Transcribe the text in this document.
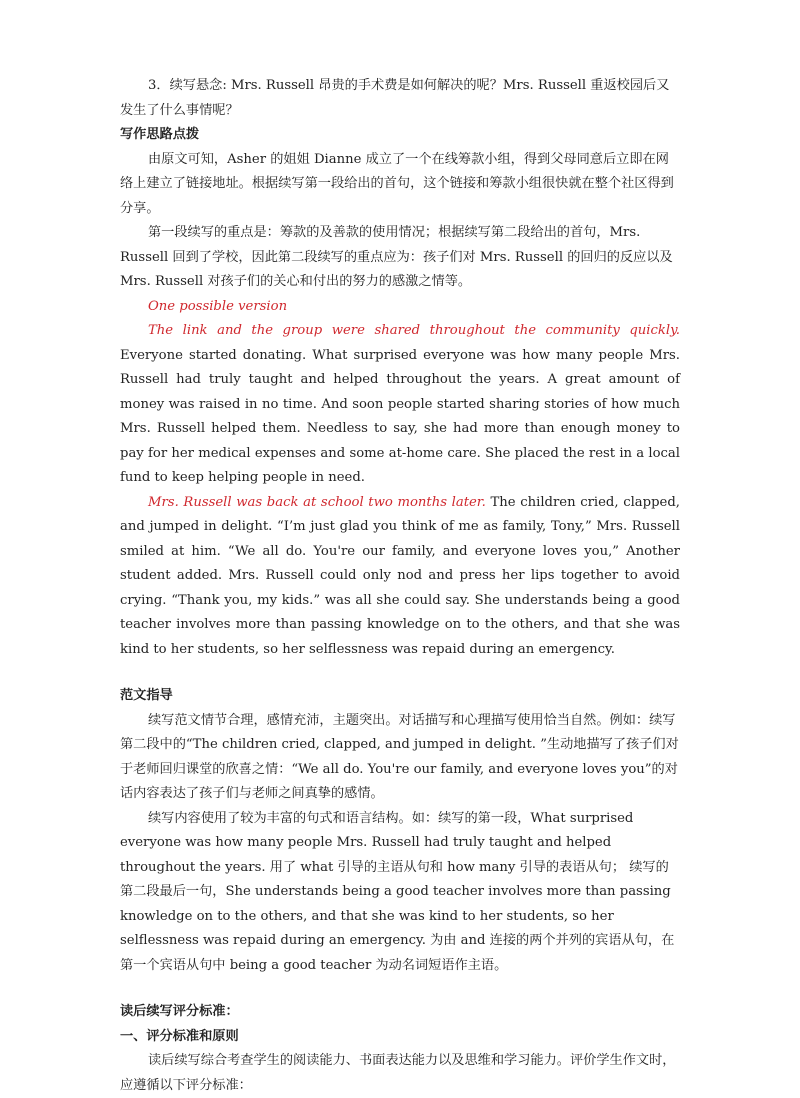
3．续写悬念: Mrs. Russell 昂贵的手术费是如何解决的呢？Mrs. Russell 重返校园后又发生了什么事情呢？

写作思路点拨

由原文可知，Asher 的姐姐 Dianne 成立了一个在线筹款小组，得到父母同意后立即在网络上建立了链接地址。根据续写第一段给出的首句，这个链接和筹款小组很快就在整个社区得到分享。

第一段续写的重点是：筹款的及善款的使用情况；根据续写第二段给出的首句，Mrs. Russell 回到了学校，因此第二段续写的重点应为：孩子们对 Mrs. Russell 的回归的反应以及 Mrs. Russell 对孩子们的关心和付出的努力的感激之情等。

One possible version

The link and the group were shared throughout the community quickly. Everyone started donating. What surprised everyone was how many people Mrs. Russell had truly taught and helped throughout the years. A great amount of money was raised in no time. And soon people started sharing stories of how much Mrs. Russell helped them. Needless to say, she had more than enough money to pay for her medical expenses and some at-home care. She placed the rest in a local fund to keep helping people in need.

Mrs. Russell was back at school two months later. The children cried, clapped, and jumped in delight. “I’m just glad you think of me as family, Tony,” Mrs. Russell smiled at him. “We all do. You're our family, and everyone loves you,” Another student added. Mrs. Russell could only nod and press her lips together to avoid crying. “Thank you, my kids.” was all she could say. She understands being a good teacher involves more than passing knowledge on to the others, and that she was kind to her students, so her selflessness was repaid during an emergency.

范文指导

续写范文情节合理，感情充沛，主题突出。对话描写和心理描写使用恰当自然。例如：续写第二段中的“The children cried, clapped, and jumped in delight. ”生动地描写了孩子们对于老师回归课堂的欣喜之情：“We all do. You're our family, and everyone loves you”的对话内容表达了孩子们与老师之间真挚的感情。

续写内容使用了较为丰富的句式和语言结构。如：续写的第一段，What surprised everyone was how many people Mrs. Russell had truly taught and helped throughout the years. 用了 what 引导的主语从句和 how many 引导的表语从句； 续写的第二段最后一句，She understands being a good teacher involves more than passing knowledge on to the others, and that she was kind to her students, so her selflessness was repaid during an emergency. 为由 and 连接的两个并列的宾语从句，在第一个宾语从句中 being a good teacher 为动名词短语作主语。

读后续写评分标准：

一、评分标准和原则

读后续写综合考查学生的阅读能力、书面表达能力以及思维和学习能力。评价学生作文时，应遵循以下评分标准：
